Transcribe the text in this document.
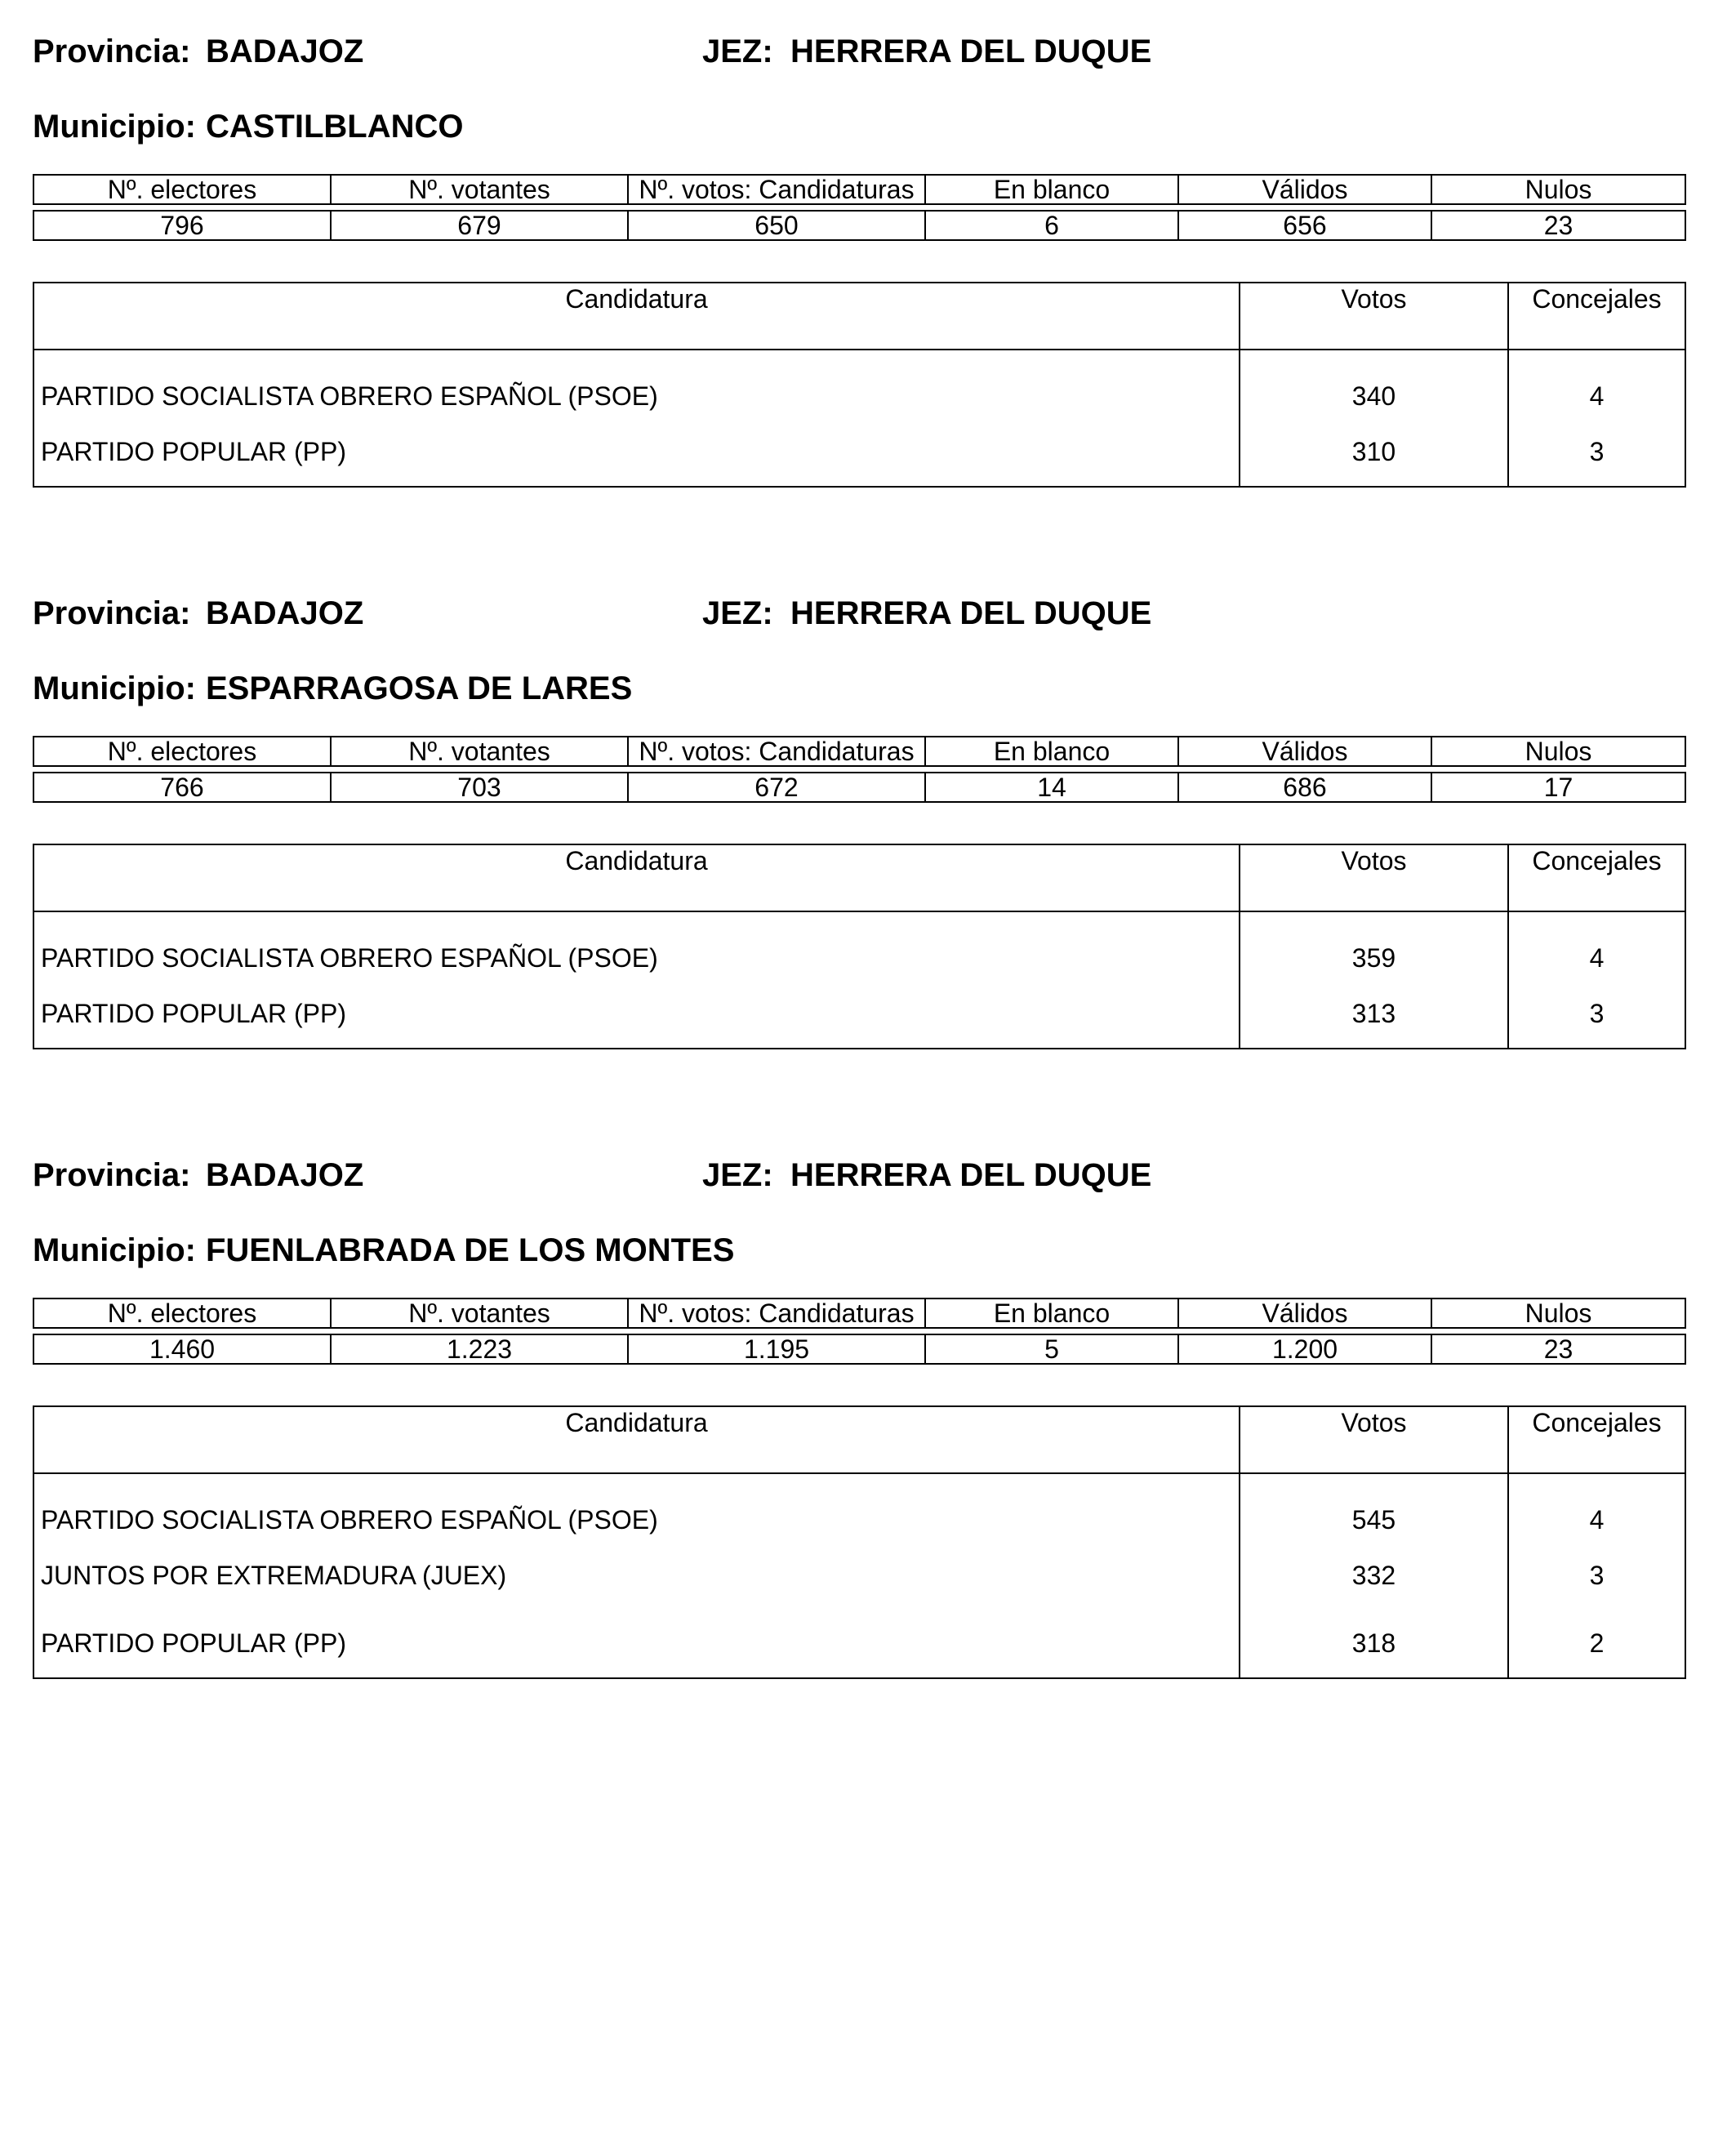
Provincia: BADAJOZ	JEZ: HERRERA DEL DUQUE
Municipio: CASTILBLANCO
Nº. electores	Nº. votantes	Nº. votos: Candidaturas	En blanco	Válidos	Nulos

796	679	650	6	656	23
Candidatura	Votos	Concejales
PARTIDO SOCIALISTA OBRERO ESPAÑOL (PSOE)	340	4
PARTIDO POPULAR (PP)	310	3
Provincia: BADAJOZ	JEZ: HERRERA DEL DUQUE
Municipio: ESPARRAGOSA DE LARES
Nº. electores	Nº. votantes	Nº. votos: Candidaturas	En blanco	Válidos	Nulos

766	703	672	14	686	17
Candidatura	Votos	Concejales
PARTIDO SOCIALISTA OBRERO ESPAÑOL (PSOE)	359	4
PARTIDO POPULAR (PP)	313	3
Provincia: BADAJOZ	JEZ: HERRERA DEL DUQUE
Municipio: FUENLABRADA DE LOS MONTES
Nº. electores	Nº. votantes	Nº. votos: Candidaturas	En blanco	Válidos	Nulos

1.460	1.223	1.195	5	1.200	23
Candidatura	Votos	Concejales
PARTIDO SOCIALISTA OBRERO ESPAÑOL (PSOE)	545	4
JUNTOS POR EXTREMADURA (JUEX)	332	3
PARTIDO POPULAR (PP)	318	2
